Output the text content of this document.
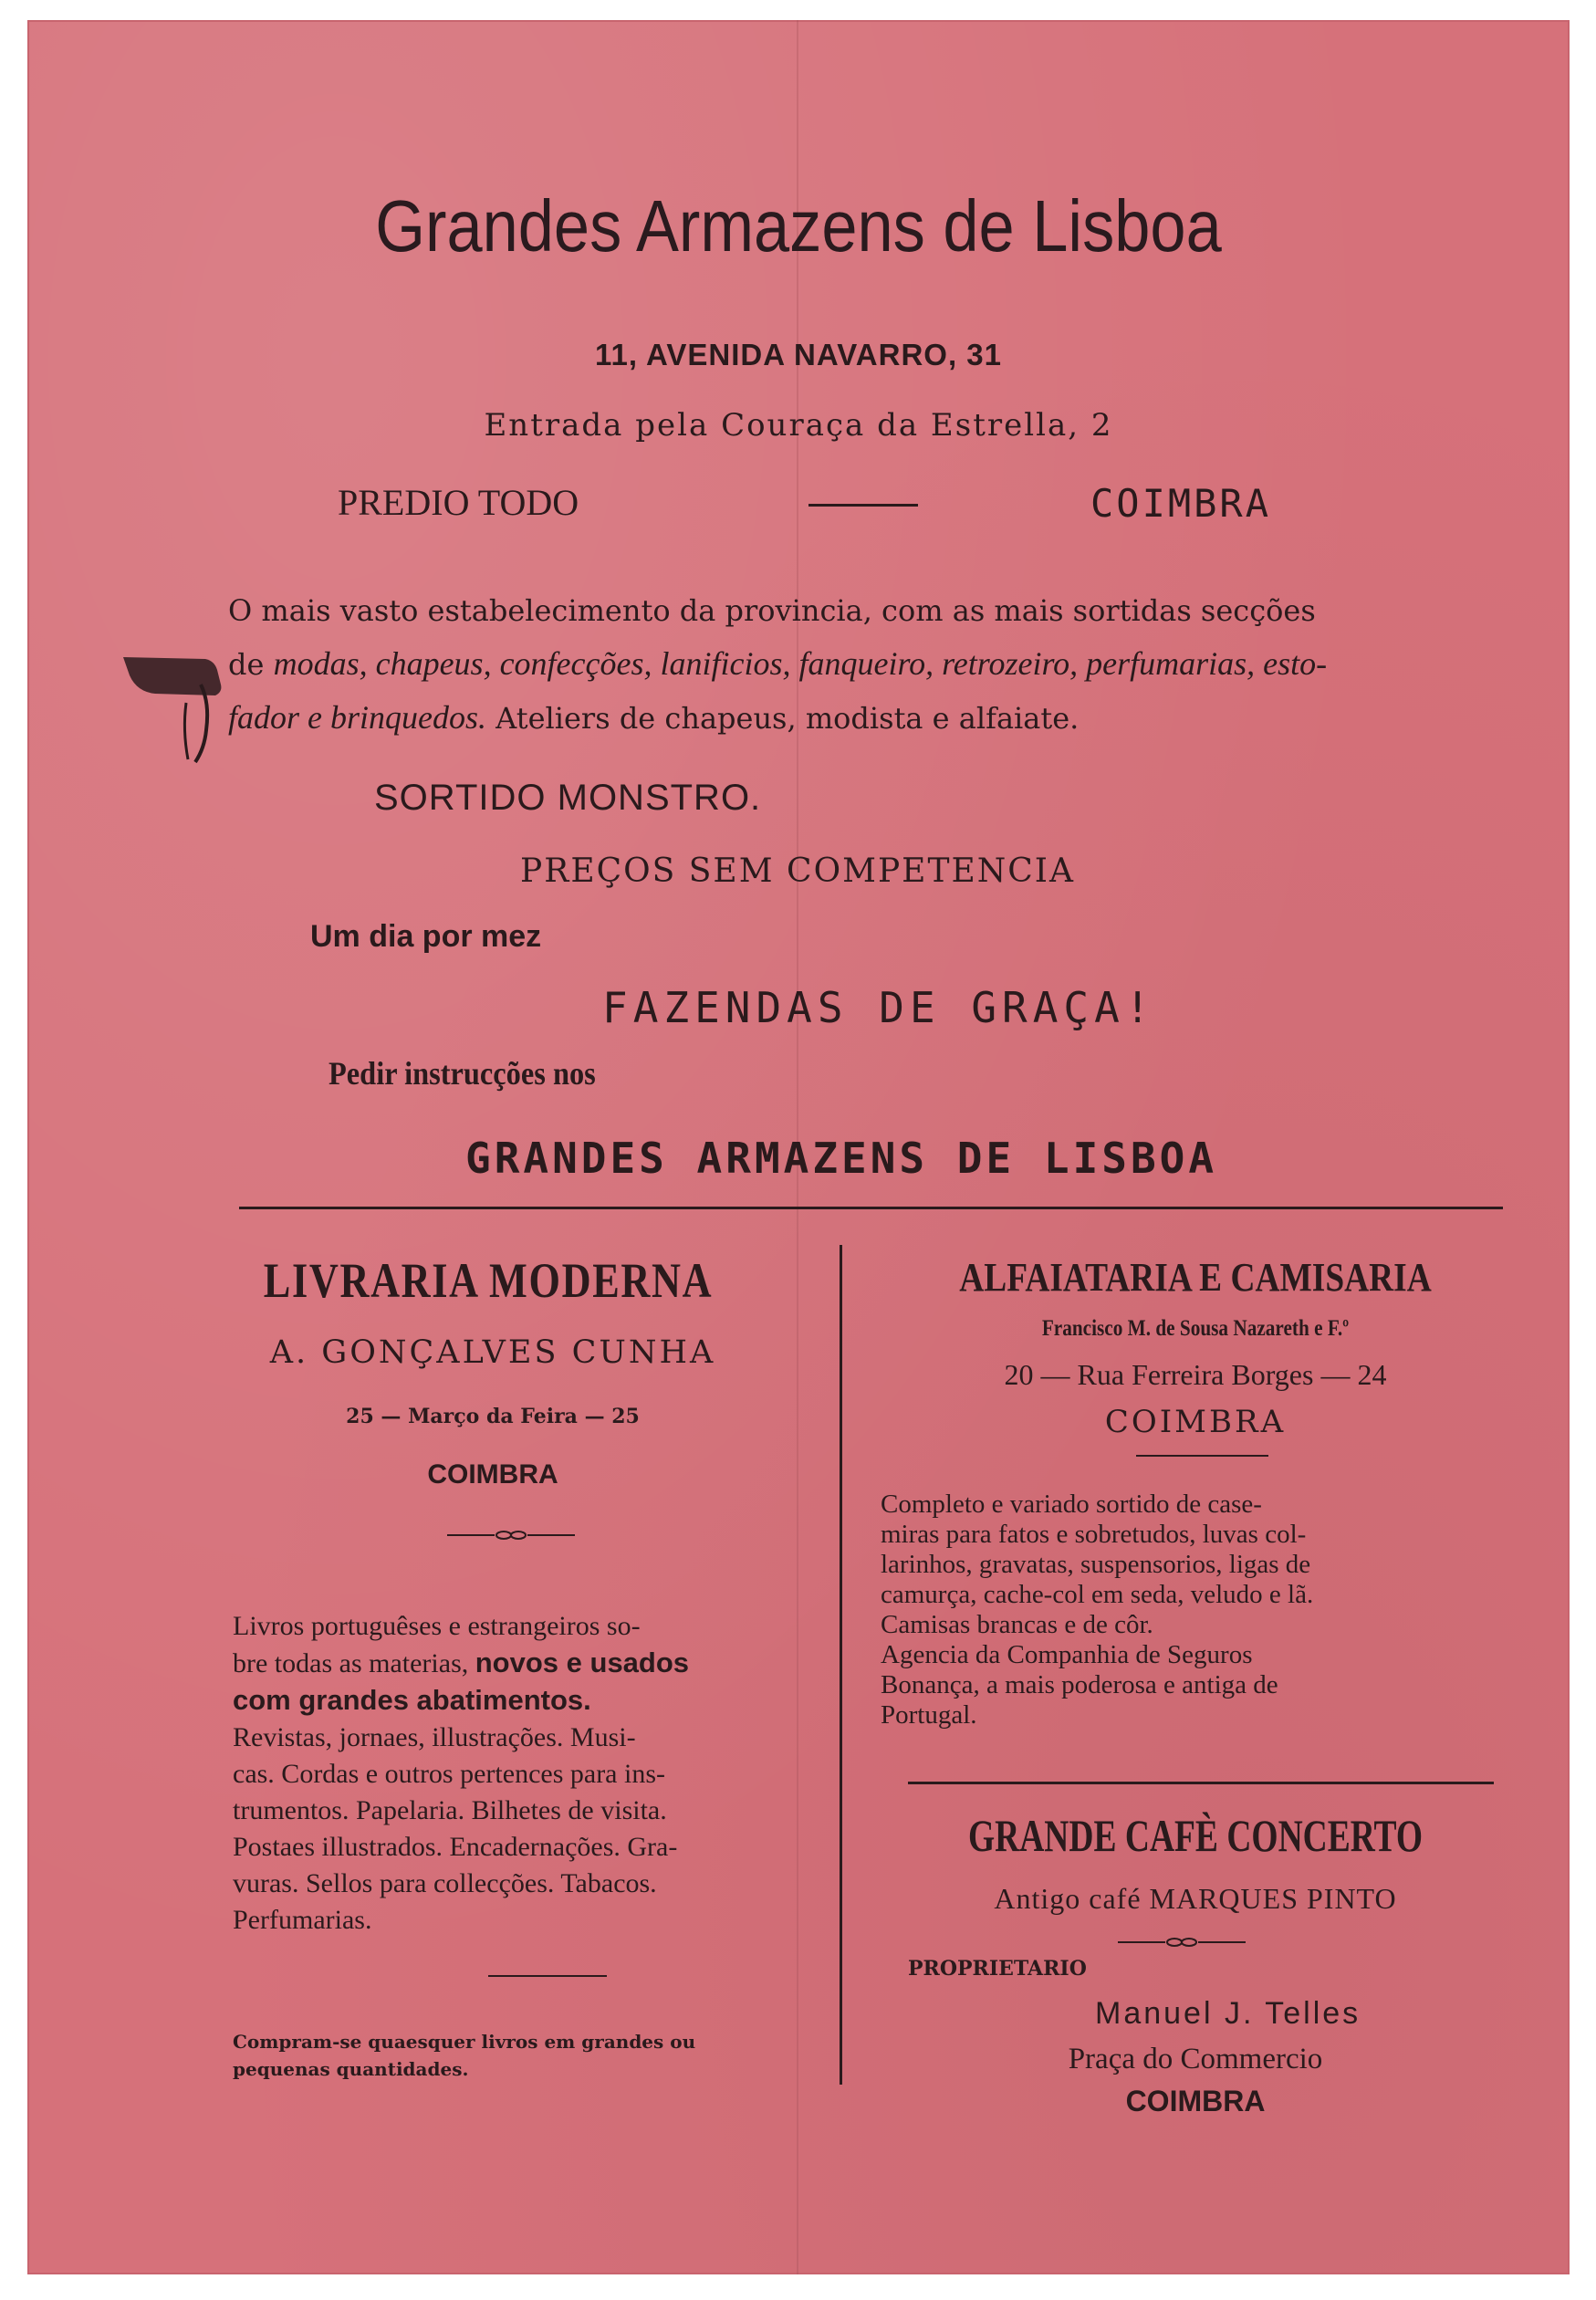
Grandes Armazens de Lisboa
11, AVENIDA NAVARRO, 31
Entrada pela Couraça da Estrella, 2
PREDIO TODO	COIMBRA
O mais vasto estabelecimento da provincia, com as mais sortidas secções
de modas, chapeus, confecções, lanificios, fanqueiro, retrozeiro, perfumarias, esto-
fador e brinquedos. Ateliers de chapeus, modista e alfaiate.
SORTIDO MONSTRO.
PREÇOS SEM COMPETENCIA
Um dia por mez
FAZENDAS DE GRAÇA!
Pedir instrucções nos
GRANDES ARMAZENS DE LISBOA
LIVRARIA MODERNA
A. GONÇALVES CUNHA
25 — Março da Feira — 25
COIMBRA
Livros portuguêses e estrangeiros so-
bre todas as materias, novos e usados
com grandes abatimentos.
Revistas, jornaes, illustrações. Musi-
cas. Cordas e outros pertences para ins-
trumentos. Papelaria. Bilhetes de visita.
Postaes illustrados. Encadernações. Gra-
vuras. Sellos para collecções. Tabacos.
Perfumarias.
Compram-se quaesquer livros em grandes ou
pequenas quantidades.
ALFAIATARIA E CAMISARIA
Francisco M. de Sousa Nazareth e F.º
20 — Rua Ferreira Borges — 24
COIMBRA
Completo e variado sortido de case-
miras para fatos e sobretudos, luvas col-
larinhos, gravatas, suspensorios, ligas de
camurça, cache-col em seda, veludo e lã.
Camisas brancas e de côr.
Agencia da Companhia de Seguros
Bonança, a mais poderosa e antiga de
Portugal.
GRANDE CAFÈ CONCERTO
Antigo café MARQUES PINTO
PROPRIETARIO
Manuel J. Telles
Praça do Commercio
COIMBRA
